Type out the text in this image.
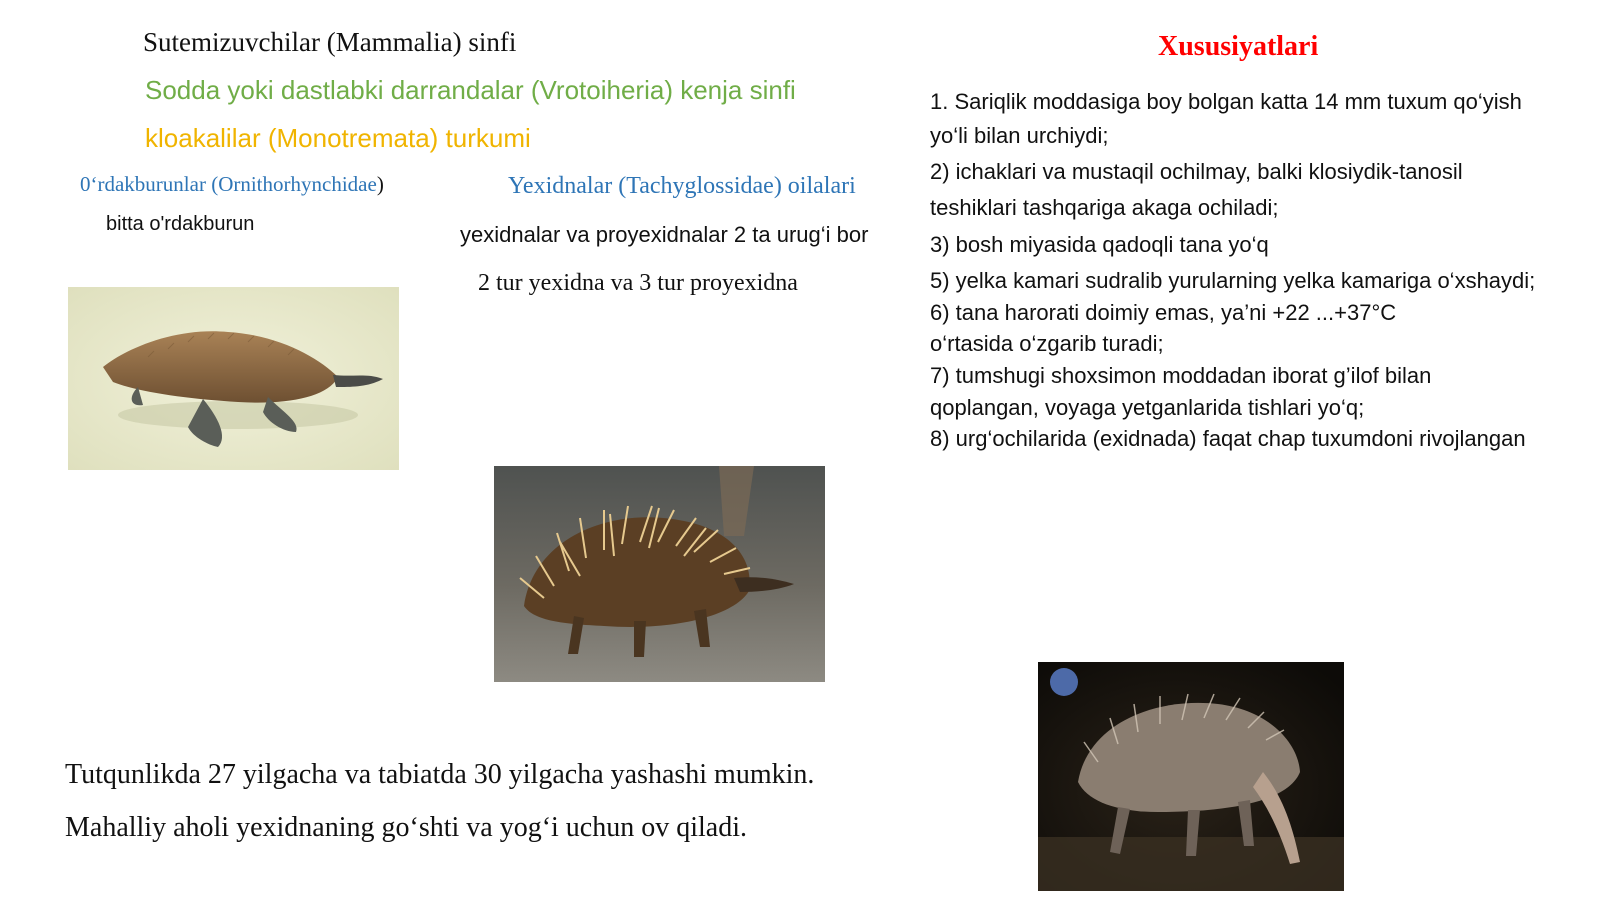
Sutemizuvchilar (Mammalia) sinfi
Sodda yoki dastlabki darrandalar (Vrotoiheria) kenja sinfi
kloakalilar (Monotremata) turkumi
0‘rdakburunlar (Ornithorhynchidae)
bitta o'rdakburun
Yexidnalar (Tachyglossidae) oilalari
yexidnalar va proyexidnalar 2 ta urug‘i bor
2 tur yexidna va 3 tur proyexidna
Xususiyatlari
1. Sariqlik moddasiga boy bolgan katta 14 mm tuxum qo‘yish
yo‘li bilan urchiydi;
2) ichaklari va mustaqil ochilmay, balki klosiydik-tanosil
teshiklari tashqariga akaga ochiladi;
3) bosh miyasida qadoqli tana yo‘q
5) yelka kamari sudralib yurularning yelka kamariga o‘xshaydi;
6) tana harorati doimiy emas, ya’ni +22 ...+37°C
o‘rtasida o‘zgarib turadi;
7) tumshugi shoxsimon moddadan iborat g’ilof bilan
qoplangan, voyaga yetganlarida tishlari yo‘q;
8) urg‘ochilarida (exidnada) faqat chap tuxumdoni rivojlangan
Tutqunlikda 27 yilgacha va tabiatda 30 yilgacha yashashi mumkin.
Mahalliy aholi yexidnaning go‘shti va yog‘i uchun ov qiladi.
